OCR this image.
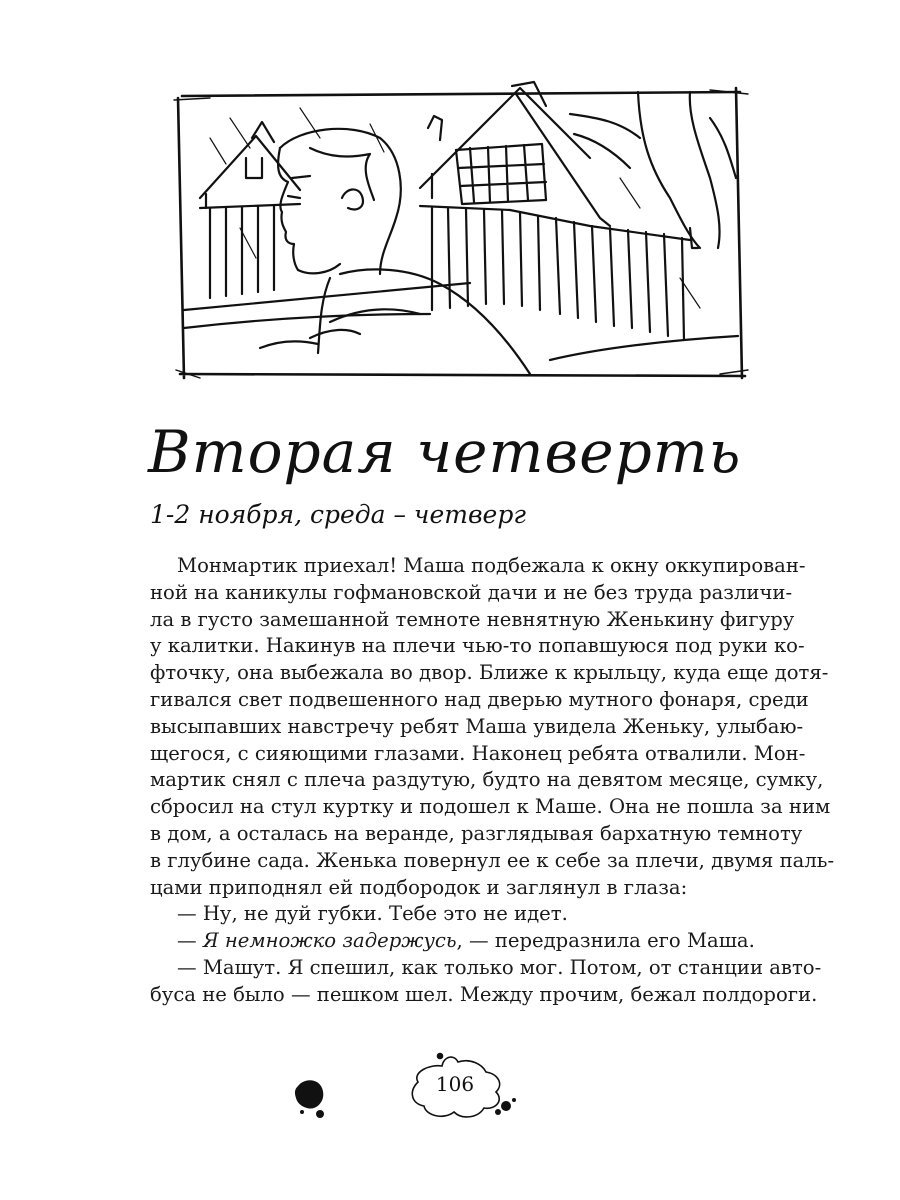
Вторая четверть
1-2 ноября, среда – четверг
Монмартик приехал! Маша подбежала к окну оккупирован-
ной на каникулы гофмановской дачи и не без труда различи-
ла в густо замешанной темноте невнятную Женькину фигуру
у калитки. Накинув на плечи чью-то попавшуюся под руки ко-
фточку, она выбежала во двор. Ближе к крыльцу, куда еще дотя-
гивался свет подвешенного над дверью мутного фонаря, среди
высыпавших навстречу ребят Маша увидела Женьку, улыбаю-
щегося, с сияющими глазами. Наконец ребята отвалили. Мон-
мартик снял с плеча раздутую, будто на девятом месяце, сумку,
сбросил на стул куртку и подошел к Маше. Она не пошла за ним
в дом, а осталась на веранде, разглядывая бархатную темноту
в глубине сада. Женька повернул ее к себе за плечи, двумя паль-
цами приподнял ей подбородок и заглянул в глаза:
— Ну, не дуй губки. Тебе это не идет.
— Я немножко задержусь, — передразнила его Маша.
— Машут. Я спешил, как только мог. Потом, от станции авто-
буса не было — пешком шел. Между прочим, бежал полдороги.
106
